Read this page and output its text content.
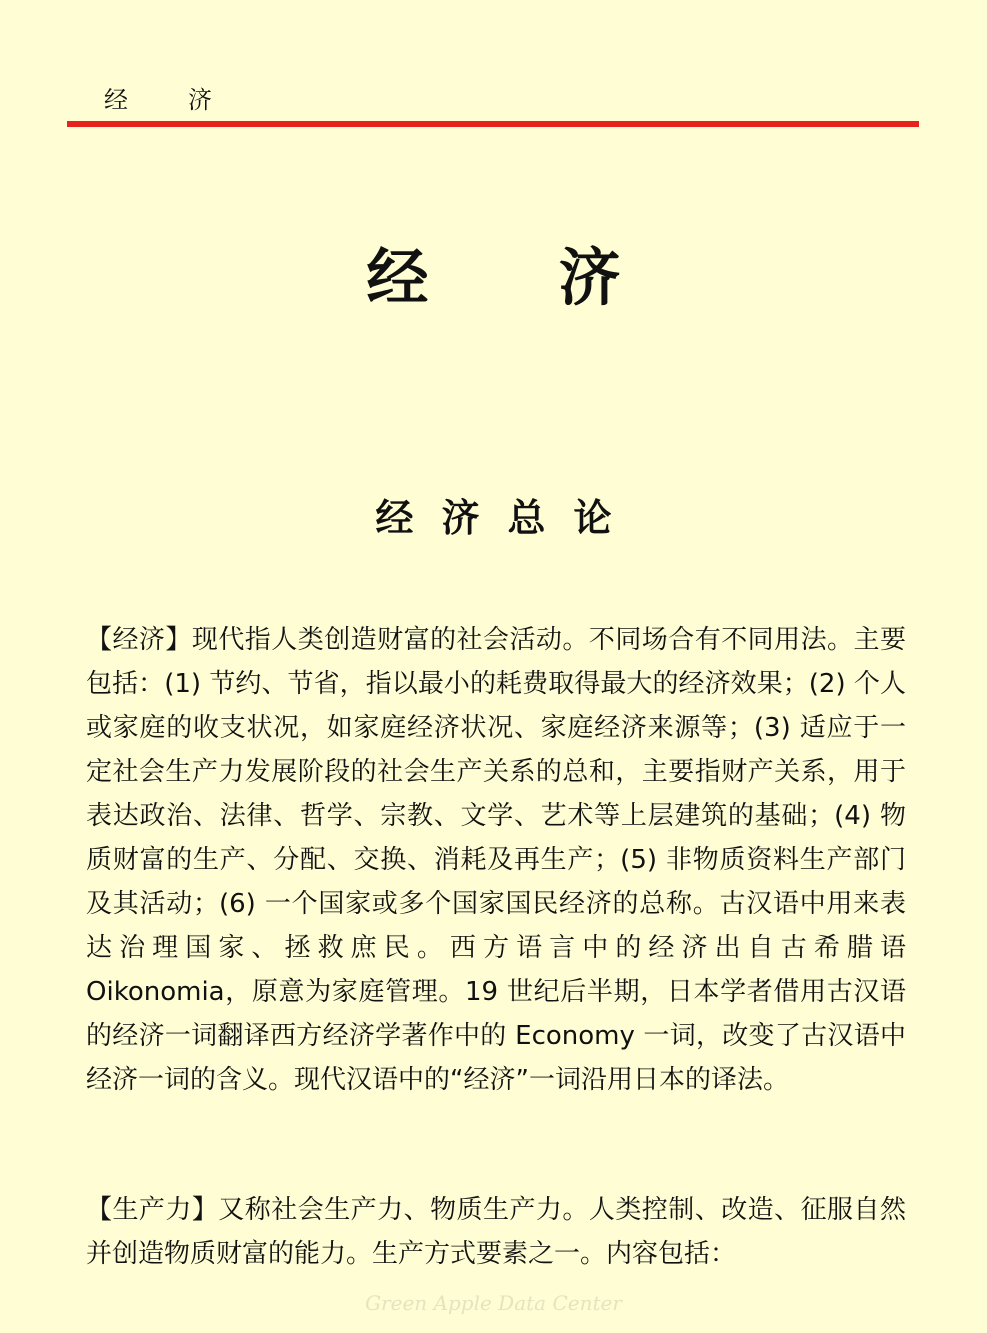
经济
经济
经济总论

【经济】现代指人类创造财富的社会活动。不同场合有不同用法。主要包括：(1) 节约、节省，指以最小的耗费取得最大的经济效果；(2) 个人或家庭的收支状况，如家庭经济状况、家庭经济来源等；(3) 适应于一定社会生产力发展阶段的社会生产关系的总和，主要指财产关系，用于表达政治、法律、哲学、宗教、文学、艺术等上层建筑的基础；(4) 物质财富的生产、分配、交换、消耗及再生产；(5) 非物质资料生产部门及其活动；(6) 一个国家或多个国家国民经济的总称。古汉语中用来表达治理国家、拯救庶民。西方语言中的经济出自古希腊语 Oikonomia，原意为家庭管理。19 世纪后半期，日本学者借用古汉语的经济一词翻译西方经济学著作中的 Economy 一词，改变了古汉语中经济一词的含义。现代汉语中的“经济”一词沿用日本的译法。

【生产力】又称社会生产力、物质生产力。人类控制、改造、征服自然并创造物质财富的能力。生产方式要素之一。内容包括：

Green Apple Data Center
